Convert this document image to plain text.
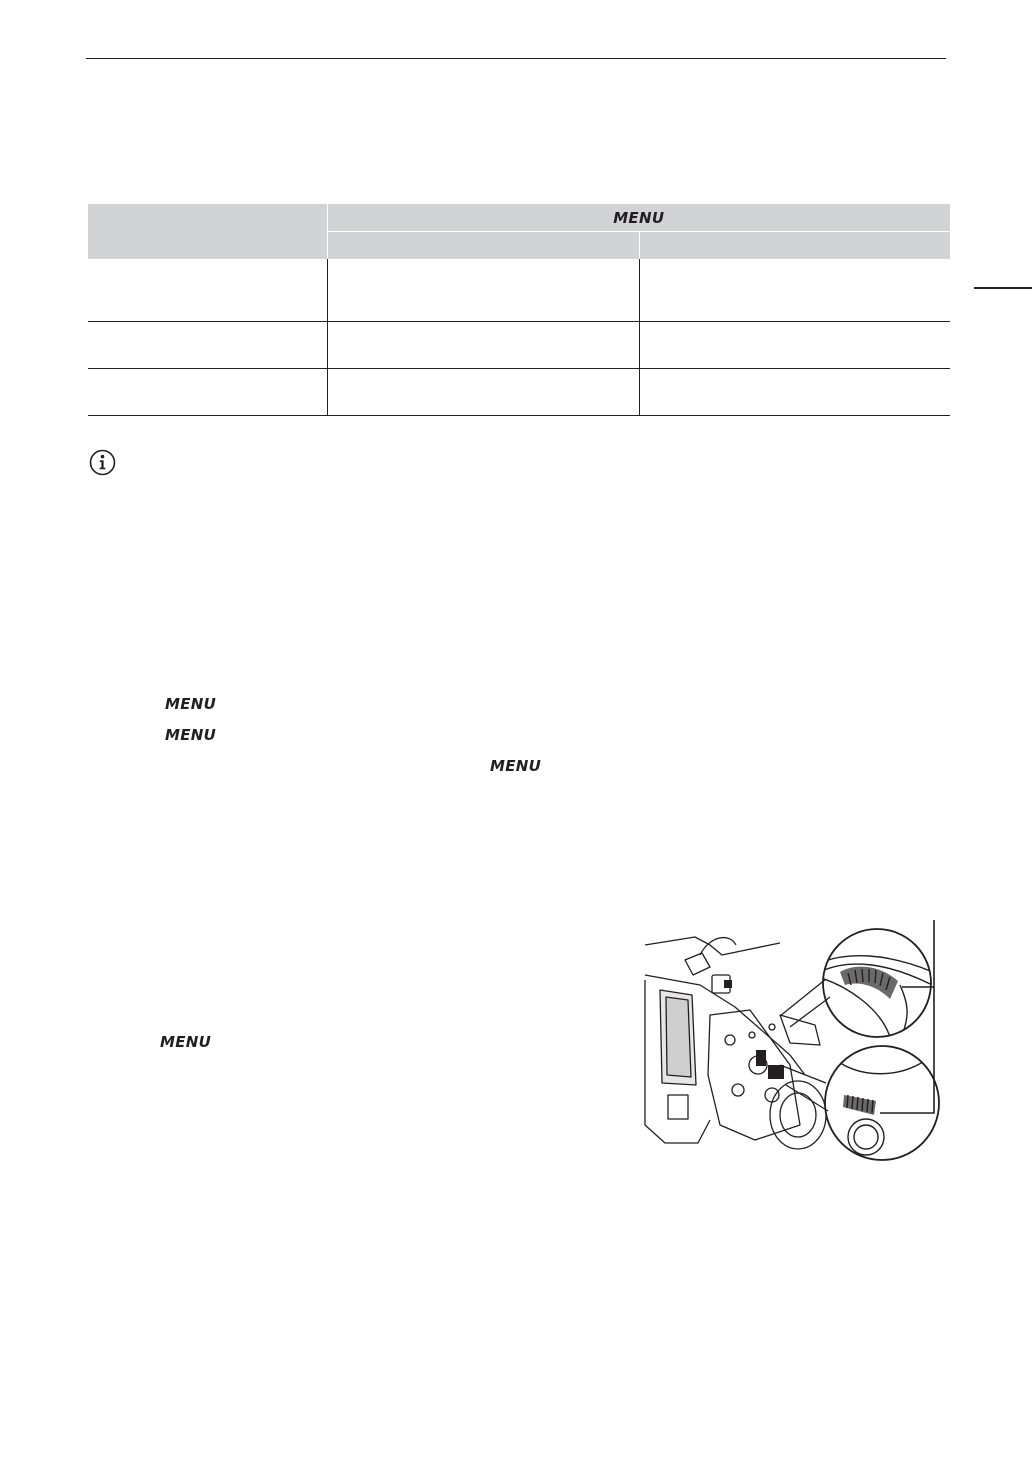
	MENU	

MENU
MENU
MENU
MENU
